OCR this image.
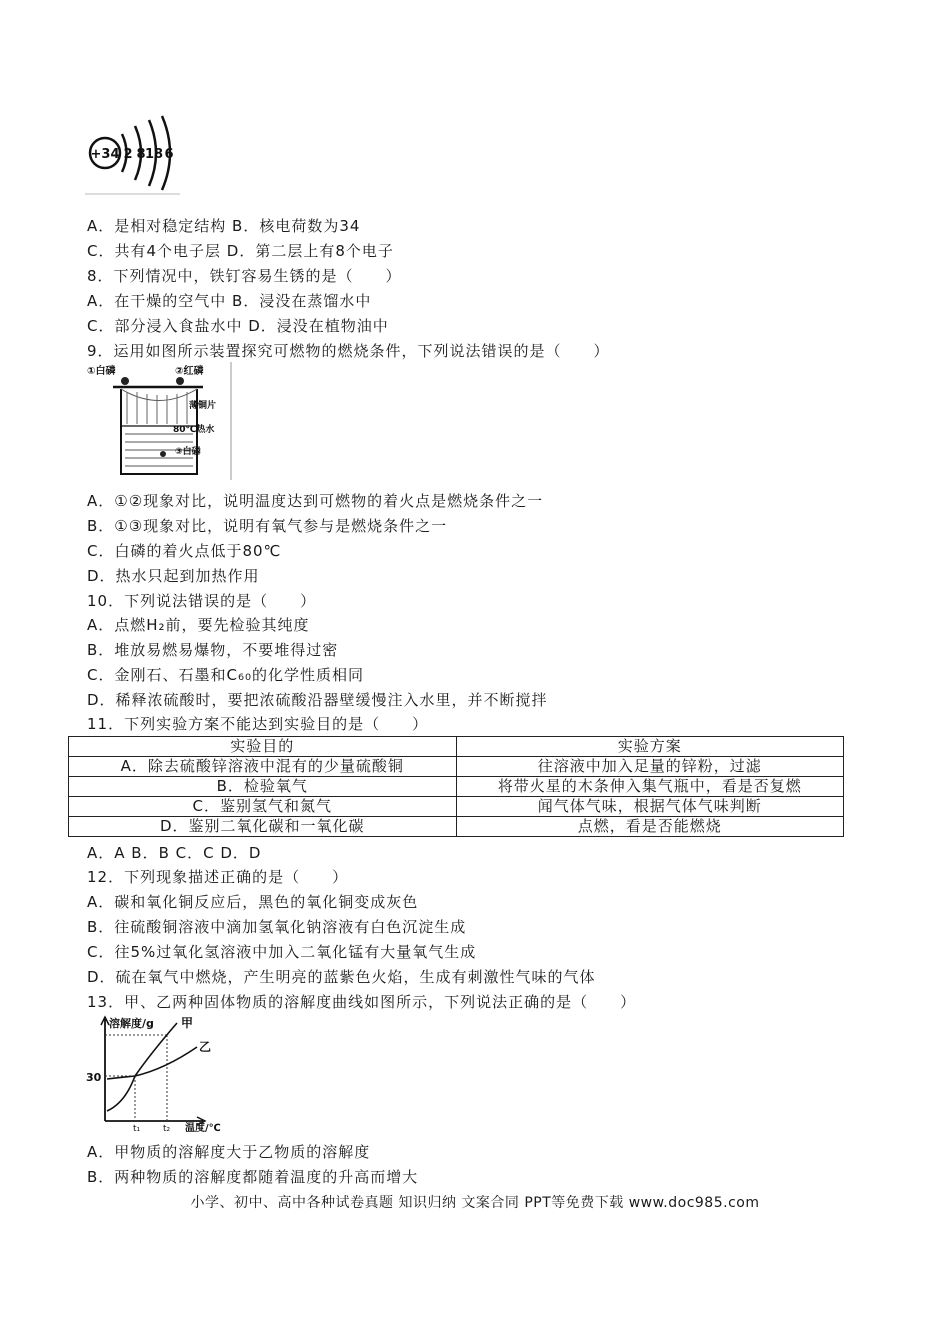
+34 2 8 18 6
A．是相对稳定结构 B．核电荷数为34
C．共有4个电子层 D．第二层上有8个电子
8．下列情况中，铁钉容易生锈的是（　　）
A．在干燥的空气中 B．浸没在蒸馏水中
C．部分浸入食盐水中 D．浸没在植物油中
9．运用如图所示装置探究可燃物的燃烧条件，下列说法错误的是（　　）
①白磷	②红磷
薄铜片
80℃热水
③白磷
A．①②现象对比，说明温度达到可燃物的着火点是燃烧条件之一
B．①③现象对比，说明有氧气参与是燃烧条件之一
C．白磷的着火点低于80℃
D．热水只起到加热作用
10．下列说法错误的是（　　）
A．点燃H₂前，要先检验其纯度
B．堆放易燃易爆物，不要堆得过密
C．金刚石、石墨和C₆₀的化学性质相同
D．稀释浓硫酸时，要把浓硫酸沿器壁缓慢注入水里，并不断搅拌
11．下列实验方案不能达到实验目的是（　　）
实验目的	实验方案
A．除去硫酸锌溶液中混有的少量硫酸铜	往溶液中加入足量的锌粉，过滤
B．检验氧气	将带火星的木条伸入集气瓶中，看是否复燃
C．鉴别氢气和氮气	闻气体气味，根据气体气味判断
D．鉴别二氧化碳和一氧化碳	点燃，看是否能燃烧
A．A B．B C．C D．D
12．下列现象描述正确的是（　　）
A．碳和氧化铜反应后，黑色的氧化铜变成灰色
B．往硫酸铜溶液中滴加氢氧化钠溶液有白色沉淀生成
C．往5%过氧化氢溶液中加入二氧化锰有大量氧气生成
D．硫在氧气中燃烧，产生明亮的蓝紫色火焰，生成有刺激性气味的气体
13．甲、乙两种固体物质的溶解度曲线如图所示，下列说法正确的是（　　）
溶解度/g
温度/℃
30
t₁	t₂
甲
乙
A．甲物质的溶解度大于乙物质的溶解度
B．两种物质的溶解度都随着温度的升高而增大
小学、初中、高中各种试卷真题 知识归纳 文案合同 PPT等免费下载 www.doc985.com
